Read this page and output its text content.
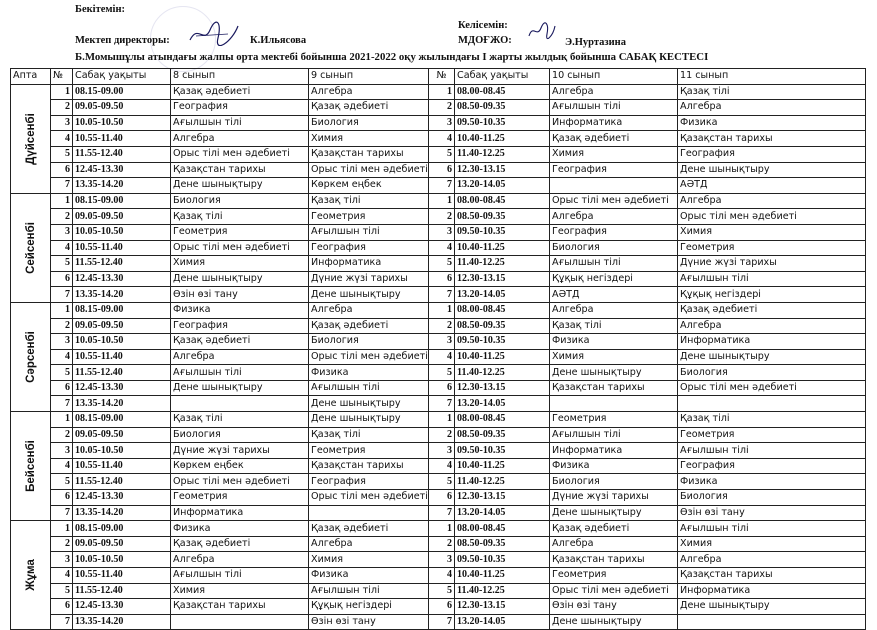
Бекітемін:
Мектеп директоры:	К.Ильясова
Келісемін:
МДОҒЖО:	Э.Нуртазина
Б.Момышұлы атындағы жалпы орта мектебі бойынша 2021-2022 оқу жылындағы І жарты жылдық бойынша САБАҚ КЕСТЕСІ
Апта	№	Сабақ уақыты	8 сынып	9 сынып	№	Сабақ уақыты	10 сынып	11 сынып

Дүйсенбі	1	08.15-09.00	Қазақ әдебиеті	Алгебра	1	08.00-08.45	Алгебра	Қазақ тілі
	2	09.05-09.50	География	Қазақ әдебиеті	2	08.50-09.35	Ағылшын тілі	Алгебра
	3	10.05-10.50	Ағылшын тілі	Биология	3	09.50-10.35	Информатика	Физика
	4	10.55-11.40	Алгебра	Химия	4	10.40-11.25	Қазақ әдебиеті	Қазақстан тарихы
	5	11.55-12.40	Орыс тілі мен әдебиеті	Қазақстан тарихы	5	11.40-12.25	Химия	География
	6	12.45-13.30	Қазақстан тарихы	Орыс тілі мен әдебиеті	6	12.30-13.15	География	Дене шынықтыру
	7	13.35-14.20	Дене шынықтыру	Көркем еңбек	7	13.20-14.05		АӘТД

Сейсенбі	1	08.15-09.00	Биология	Қазақ тілі	1	08.00-08.45	Орыс тілі мен әдебиеті	Алгебра
	2	09.05-09.50	Қазақ тілі	Геометрия	2	08.50-09.35	Алгебра	Орыс тілі мен әдебиеті
	3	10.05-10.50	Геометрия	Ағылшын тілі	3	09.50-10.35	География	Химия
	4	10.55-11.40	Орыс тілі мен әдебиеті	География	4	10.40-11.25	Биология	Геометрия
	5	11.55-12.40	Химия	Информатика	5	11.40-12.25	Ағылшын тілі	Дүние жүзі тарихы
	6	12.45-13.30	Дене шынықтыру	Дүние жүзі тарихы	6	12.30-13.15	Құқық негіздері	Ағылшын тілі
	7	13.35-14.20	Өзін өзі тану	Дене шынықтыру	7	13.20-14.05	АӘТД	Құқық негіздері

Сәрсенбі	1	08.15-09.00	Физика	Алгебра	1	08.00-08.45	Алгебра	Қазақ әдебиеті
	2	09.05-09.50	География	Қазақ әдебиеті	2	08.50-09.35	Қазақ тілі	Алгебра
	3	10.05-10.50	Қазақ әдебиеті	Биология	3	09.50-10.35	Физика	Информатика
	4	10.55-11.40	Алгебра	Орыс тілі мен әдебиеті	4	10.40-11.25	Химия	Дене шынықтыру
	5	11.55-12.40	Ағылшын тілі	Физика	5	11.40-12.25	Дене шынықтыру	Биология
	6	12.45-13.30	Дене шынықтыру	Ағылшын тілі	6	12.30-13.15	Қазақстан тарихы	Орыс тілі мен әдебиеті
	7	13.35-14.20		Дене шынықтыру	7	13.20-14.05		

Бейсенбі	1	08.15-09.00	Қазақ тілі	Дене шынықтыру	1	08.00-08.45	Геометрия	Қазақ тілі
	2	09.05-09.50	Биология	Қазақ тілі	2	08.50-09.35	Ағылшын тілі	Геометрия
	3	10.05-10.50	Дүние жүзі тарихы	Геометрия	3	09.50-10.35	Информатика	Ағылшын тілі
	4	10.55-11.40	Көркем еңбек	Қазақстан тарихы	4	10.40-11.25	Физика	География
	5	11.55-12.40	Орыс тілі мен әдебиеті	География	5	11.40-12.25	Биология	Физика
	6	12.45-13.30	Геометрия	Орыс тілі мен әдебиеті	6	12.30-13.15	Дүние жүзі тарихы	Биология
	7	13.35-14.20	Информатика		7	13.20-14.05	Дене шынықтыру	Өзін өзі тану

Жұма	1	08.15-09.00	Физика	Қазақ әдебиеті	1	08.00-08.45	Қазақ әдебиеті	Ағылшын тілі
	2	09.05-09.50	Қазақ әдебиеті	Алгебра	2	08.50-09.35	Алгебра	Химия
	3	10.05-10.50	Алгебра	Химия	3	09.50-10.35	Қазақстан тарихы	Алгебра
	4	10.55-11.40	Ағылшын тілі	Физика	4	10.40-11.25	Геометрия	Қазақстан тарихы
	5	11.55-12.40	Химия	Ағылшын тілі	5	11.40-12.25	Орыс тілі мен әдебиеті	Информатика
	6	12.45-13.30	Қазақстан тарихы	Құқық негіздері	6	12.30-13.15	Өзін өзі тану	Дене шынықтыру
	7	13.35-14.20		Өзін өзі тану	7	13.20-14.05	Дене шынықтыру	
